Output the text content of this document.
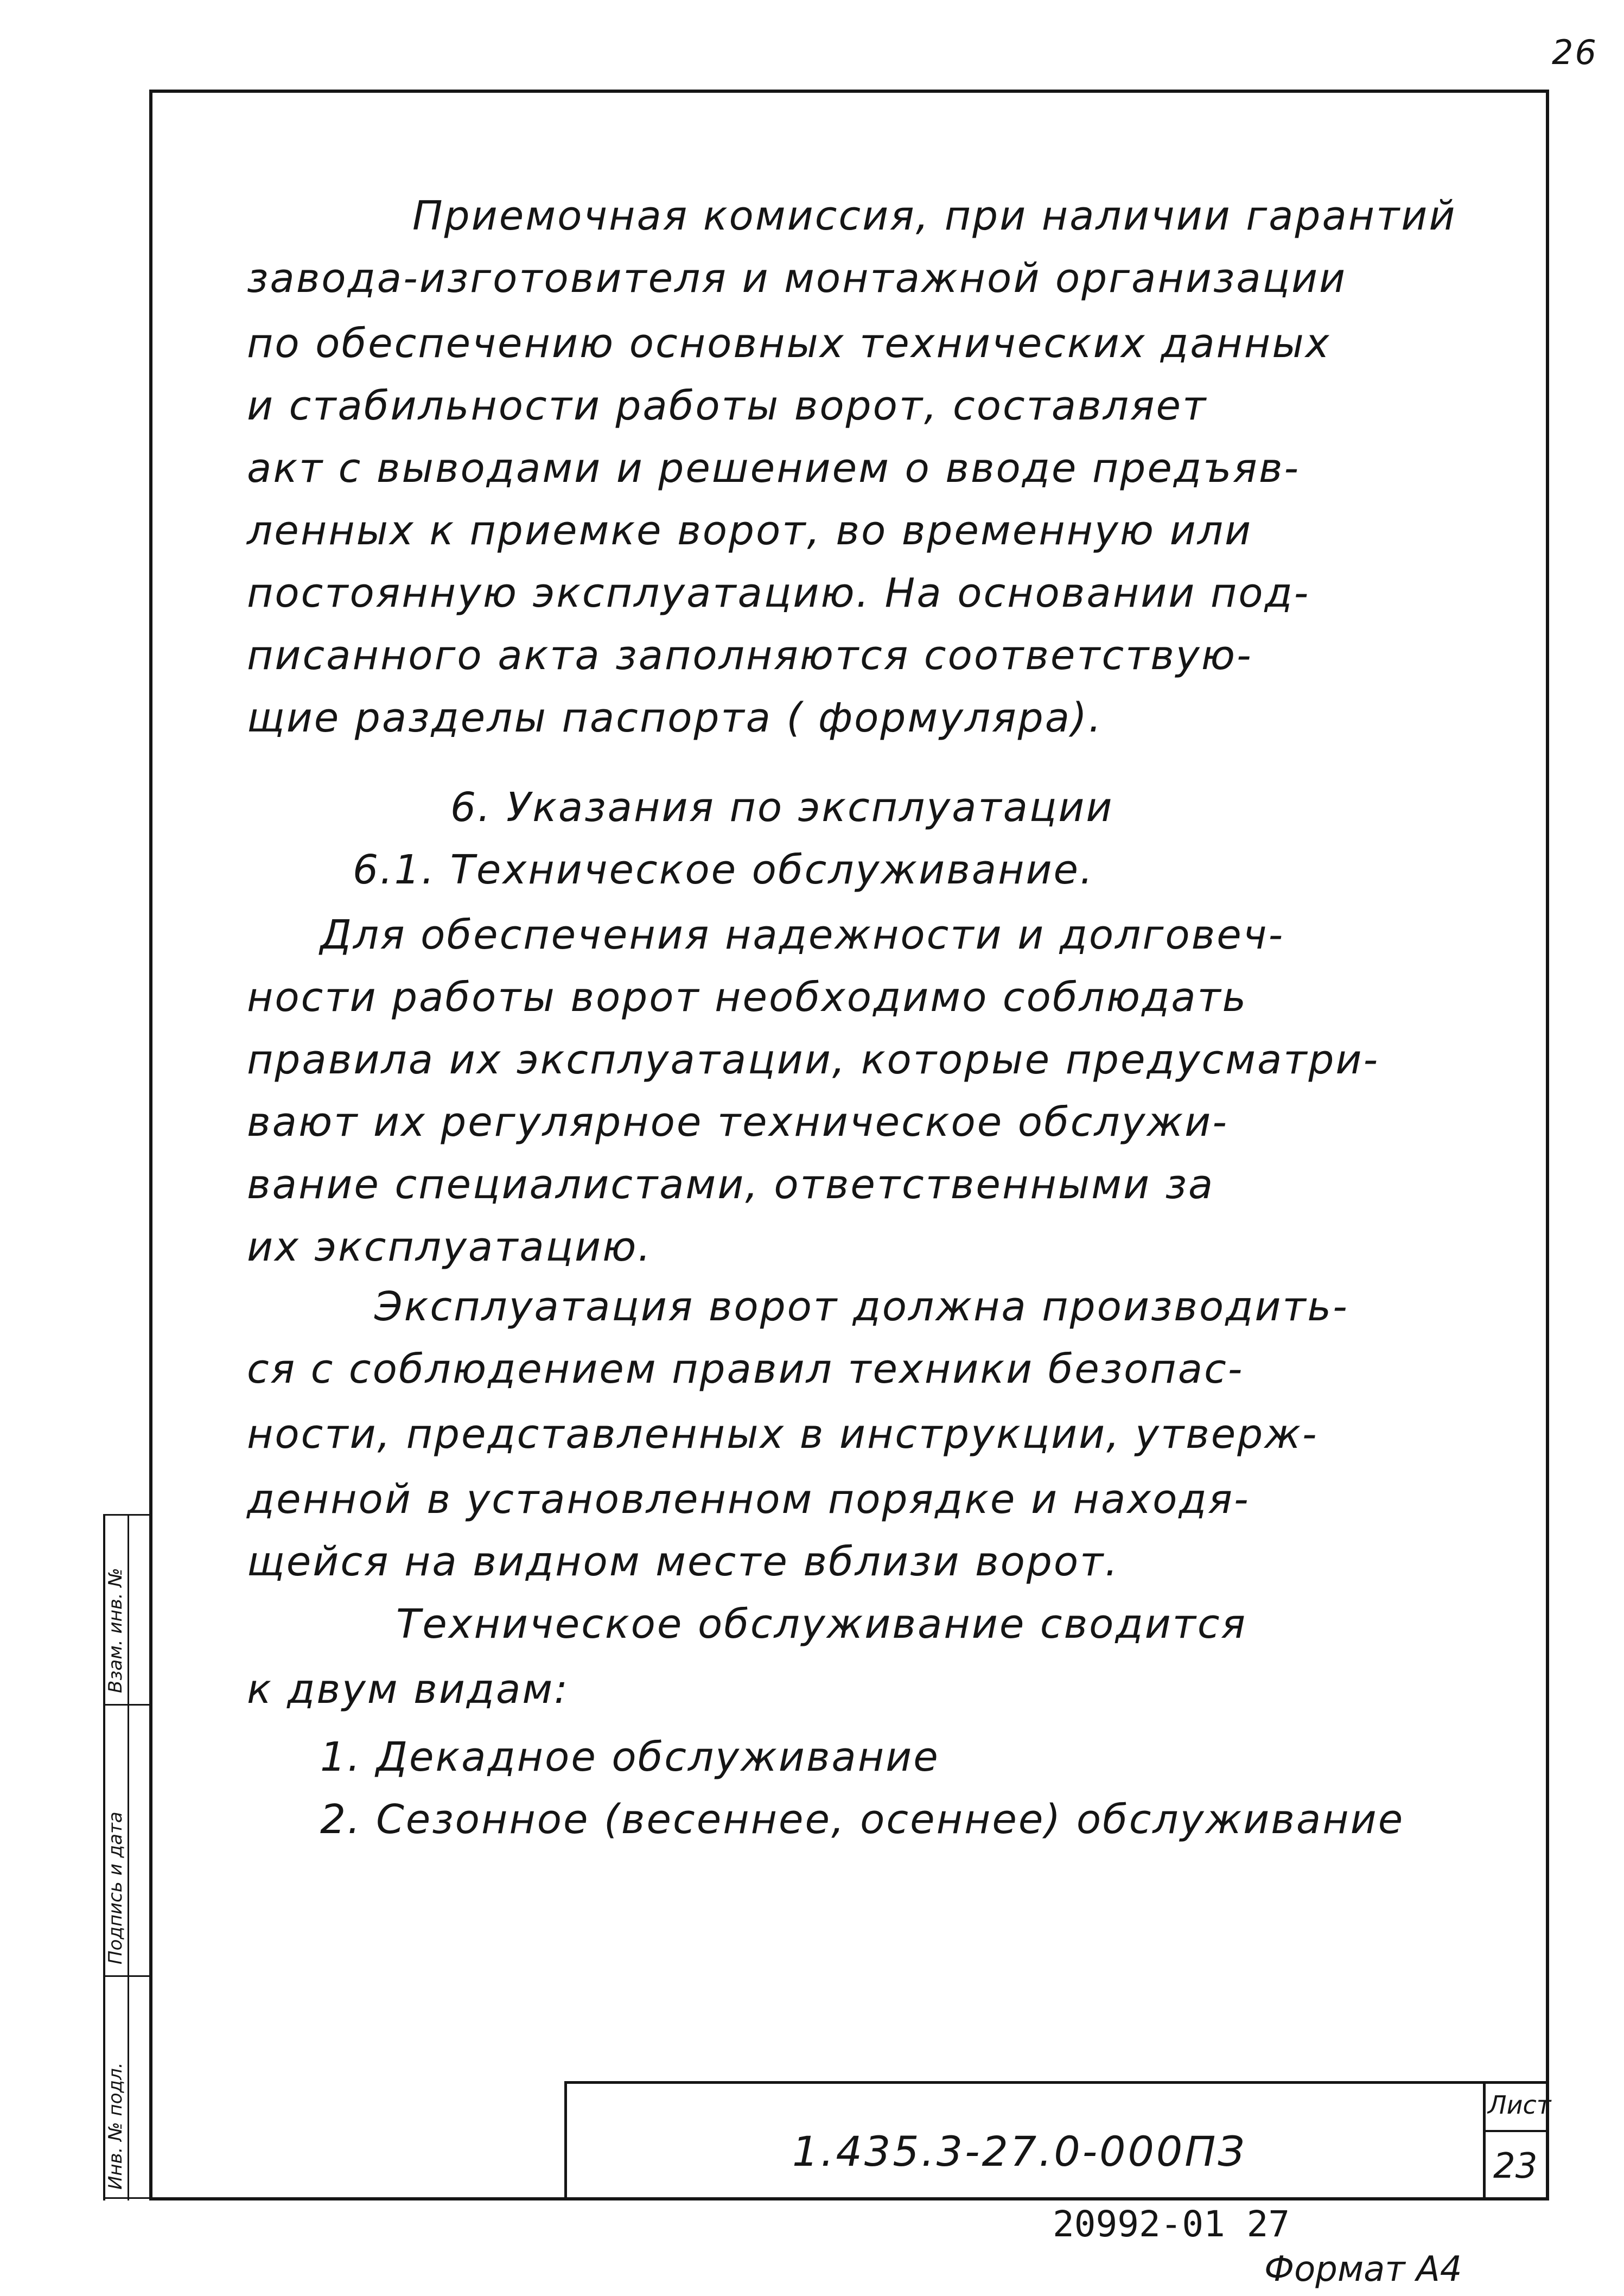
26
Взам. инв. №
Подпись и дата
Инв. № подл.
Приемочная комиссия, при наличии гарантий
завода-изготовителя и монтажной организации
по обеспечению основных технических данных
и стабильности работы ворот, составляет
акт с выводами и решением о вводе предъяв-
ленных к приемке ворот, во временную или
постоянную эксплуатацию. На основании под-
писанного акта заполняются соответствую-
щие разделы паспорта ( формуляра).
6. Указания по эксплуатации
6.1. Техническое обслуживание.
Для обеспечения надежности и долговеч-
ности работы ворот необходимо соблюдать
правила их эксплуатации, которые предусматри-
вают их регулярное техническое обслужи-
вание специалистами, ответственными за
их эксплуатацию.
Эксплуатация ворот должна производить-
ся с соблюдением правил техники безопас-
ности, представленных в инструкции, утверж-
денной в установленном порядке и находя-
щейся на видном месте вблизи ворот.
Техническое обслуживание сводится
к двум видам:
1. Декадное обслуживание
2. Сезонное (весеннее, осеннее) обслуживание
1.435.3-27.0-000ПЗ
Лист
23
20992-01 27
Формат А4
